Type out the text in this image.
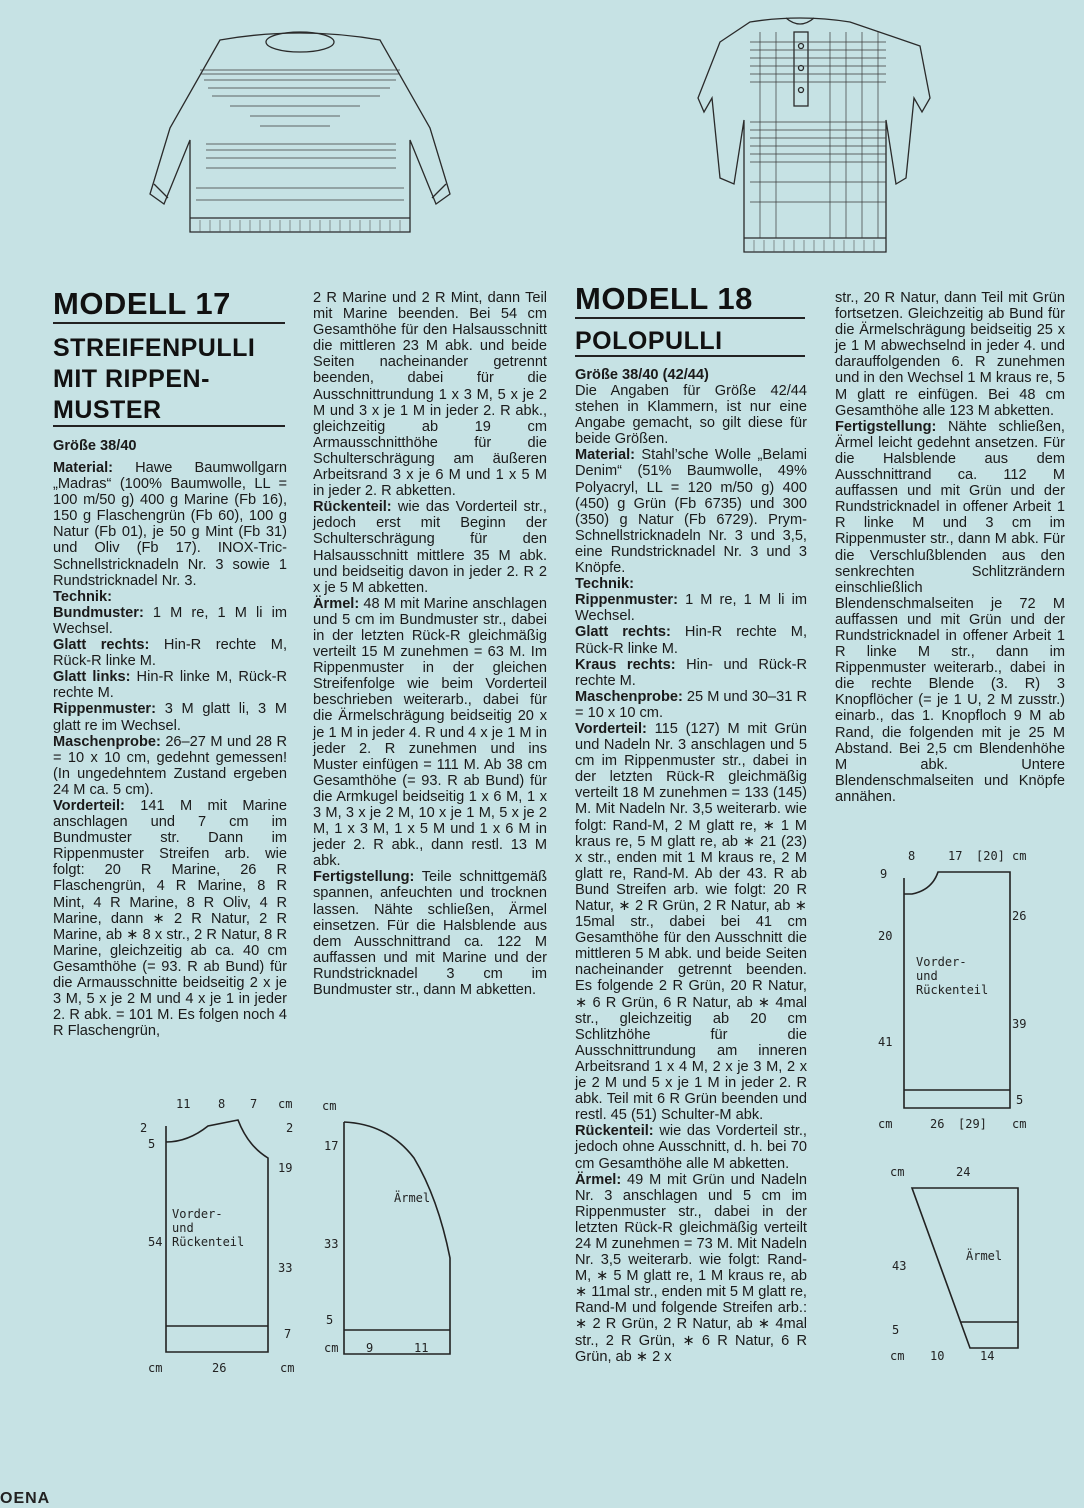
MODELL 17
STREIFENPULLI
MIT RIPPEN-
MUSTER
Größe 38/40

Material: Hawe Baumwollgarn „Madras“ (100% Baumwolle, LL = 100 m/50 g) 400 g Marine (Fb 16), 150 g Flaschengrün (Fb 60), 100 g Natur (Fb 01), je 50 g Mint (Fb 31) und Oliv (Fb 17). INOX-Tric-Schnellstricknadeln Nr. 3 sowie 1 Rundstricknadel Nr. 3.

Technik:

Bundmuster: 1 M re, 1 M li im Wechsel.

Glatt rechts: Hin-R rechte M, Rück-R linke M.

Glatt links: Hin-R linke M, Rück-R rechte M.

Rippenmuster: 3 M glatt li, 3 M glatt re im Wechsel.

Maschenprobe: 26–27 M und 28 R = 10 x 10 cm, gedehnt gemessen! (In ungedehntem Zustand ergeben 24 M ca. 5 cm).

Vorderteil: 141 M mit Marine anschlagen und 7 cm im Bundmuster str. Dann im Rippenmuster Streifen arb. wie folgt: 20 R Marine, 26 R Flaschengrün, 4 R Marine, 8 R Mint, 4 R Marine, 8 R Oliv, 4 R Marine, dann ∗ 2 R Natur, 2 R Marine, ab ∗ 8 x str., 2 R Natur, 8 R Marine, gleichzeitig ab ca. 40 cm Gesamthöhe (= 93. R ab Bund) für die Armausschnitte beidseitig 2 x je 3 M, 5 x je 2 M und 4 x je 1 in jeder 2. R abk. = 101 M. Es folgen noch 4 R Flaschengrün,

2 R Marine und 2 R Mint, dann Teil mit Marine beenden. Bei 54 cm Gesamthöhe für den Halsausschnitt die mittleren 23 M abk. und beide Seiten nacheinander getrennt beenden, dabei für die Ausschnittrundung 1 x 3 M, 5 x je 2 M und 3 x je 1 M in jeder 2. R abk., gleichzeitig ab 19 cm Armausschnitthöhe für die Schulterschrägung am äußeren Arbeitsrand 3 x je 6 M und 1 x 5 M in jeder 2. R abketten.

Rückenteil: wie das Vorderteil str., jedoch erst mit Beginn der Schulterschrägung für den Halsausschnitt mittlere 35 M abk. und beidseitig davon in jeder 2. R 2 x je 5 M abketten.

Ärmel: 48 M mit Marine anschlagen und 5 cm im Bundmuster str., dabei in der letzten Rück-R gleichmäßig verteilt 15 M zunehmen = 63 M. Im Rippenmuster in der gleichen Streifenfolge wie beim Vorderteil beschrieben weiterarb., dabei für die Ärmelschrägung beidseitig 20 x je 1 M in jeder 4. R und 4 x je 1 M in jeder 2. R zunehmen und ins Muster einfügen = 111 M. Ab 38 cm Gesamthöhe (= 93. R ab Bund) für die Armkugel beidseitig 1 x 6 M, 1 x 3 M, 3 x je 2 M, 10 x je 1 M, 5 x je 2 M, 1 x 3 M, 1 x 5 M und 1 x 6 M in jeder 2. R abk., dann restl. 13 M abk.

Fertigstellung: Teile schnittgemäß spannen, anfeuchten und trocknen lassen. Nähte schließen, Ärmel einsetzen. Für die Halsblende aus dem Ausschnittrand ca. 122 M auffassen und mit Marine und der Rundstricknadel 3 cm im Bundmuster str., dann M abketten.

MODELL 18
POLOPULLI
Größe 38/40 (42/44)

Die Angaben für Größe 42/44 stehen in Klammern, ist nur eine Angabe gemacht, so gilt diese für beide Größen.

Material: Stahl’sche Wolle „Belami Denim“ (51% Baumwolle, 49% Polyacryl, LL = 120 m/50 g) 400 (450) g Grün (Fb 6735) und 300 (350) g Natur (Fb 6729). Prym-Schnellstricknadeln Nr. 3 und 3,5, eine Rundstricknadel Nr. 3 und 3 Knöpfe.

Technik:

Rippenmuster: 1 M re, 1 M li im Wechsel.

Glatt rechts: Hin-R rechte M, Rück-R linke M.

Kraus rechts: Hin- und Rück-R rechte M.

Maschenprobe: 25 M und 30–31 R = 10 x 10 cm.

Vorderteil: 115 (127) M mit Grün und Nadeln Nr. 3 anschlagen und 5 cm im Rippenmuster str., dabei in der letzten Rück-R gleichmäßig verteilt 18 M zunehmen = 133 (145) M. Mit Nadeln Nr. 3,5 weiterarb. wie folgt: Rand-M, 2 M glatt re, ∗ 1 M kraus re, 5 M glatt re, ab ∗ 21 (23) x str., enden mit 1 M kraus re, 2 M glatt re, Rand-M. Ab der 43. R ab Bund Streifen arb. wie folgt: 20 R Natur, ∗ 2 R Grün, 2 R Natur, ab ∗ 15mal str., dabei bei 41 cm Gesamthöhe für den Ausschnitt die mittleren 5 M abk. und beide Seiten nacheinander getrennt beenden. Es folgende 2 R Grün, 20 R Natur, ∗ 6 R Grün, 6 R Natur, ab ∗ 4mal str., gleichzeitig ab 20 cm Schlitzhöhe für die Ausschnittrundung am inneren Arbeitsrand 1 x 4 M, 2 x je 3 M, 2 x je 2 M und 5 x je 1 M in jeder 2. R abk. Teil mit 6 R Grün beenden und restl. 45 (51) Schulter-M abk.

Rückenteil: wie das Vorderteil str., jedoch ohne Ausschnitt, d. h. bei 70 cm Gesamthöhe alle M abketten.

Ärmel: 49 M mit Grün und Nadeln Nr. 3 anschlagen und 5 cm im Rippenmuster str., dabei in der letzten Rück-R gleichmäßig verteilt 24 M zunehmen = 73 M. Mit Nadeln Nr. 3,5 weiterarb. wie folgt: Rand-M, ∗ 5 M glatt re, 1 M kraus re, ab ∗ 11mal str., enden mit 5 M glatt re, Rand-M und folgende Streifen arb.: ∗ 2 R Grün, 2 R Natur, ab ∗ 4mal str., 2 R Grün, ∗ 6 R Natur, 6 R Grün, ab ∗ 2 x

str., 20 R Natur, dann Teil mit Grün fortsetzen. Gleichzeitig ab Bund für die Ärmelschrägung beidseitig 25 x je 1 M abwechselnd in jeder 4. und darauffolgenden 6. R zunehmen und in den Wechsel 1 M kraus re, 5 M glatt re einfügen. Bei 48 cm Gesamthöhe alle 123 M abketten.

Fertigstellung: Nähte schließen, Ärmel leicht gedehnt ansetzen. Für die Halsblende aus dem Ausschnittrand ca. 112 M auffassen und mit Grün und der Rundstricknadel in offener Arbeit 1 R linke M und 3 cm im Rippenmuster str., dann M abk. Für die Verschlußblenden aus den senkrechten Schlitzrändern einschließlich Blendenschmalseiten je 72 M auffassen und mit Grün und der Rundstricknadel in offener Arbeit 1 R linke M str., dann im Rippenmuster weiterarb., dabei in die rechte Blende (3. R) 3 Knopflöcher (= je 1 U, 2 M zusstr.) einarb., das 1. Knopfloch 9 M ab Rand, die folgenden mit je 25 M Abstand. Bei 2,5 cm Blendenhöhe M abk. Untere Blendenschmalseiten und Knöpfe annähen.

11 8 7 cm
2
5
54
2
19
33
7
cm	26	cm
Vorder-
und
Rückenteil
cm
17
33
5
cm 9	11
Ärmel
8	17 [20] cm
9
20
41
26
39
5
cm	26 [29] cm
Vorder-
und
Rückenteil
cm	24
43
5
cm 10	14
Ärmel
OENA
